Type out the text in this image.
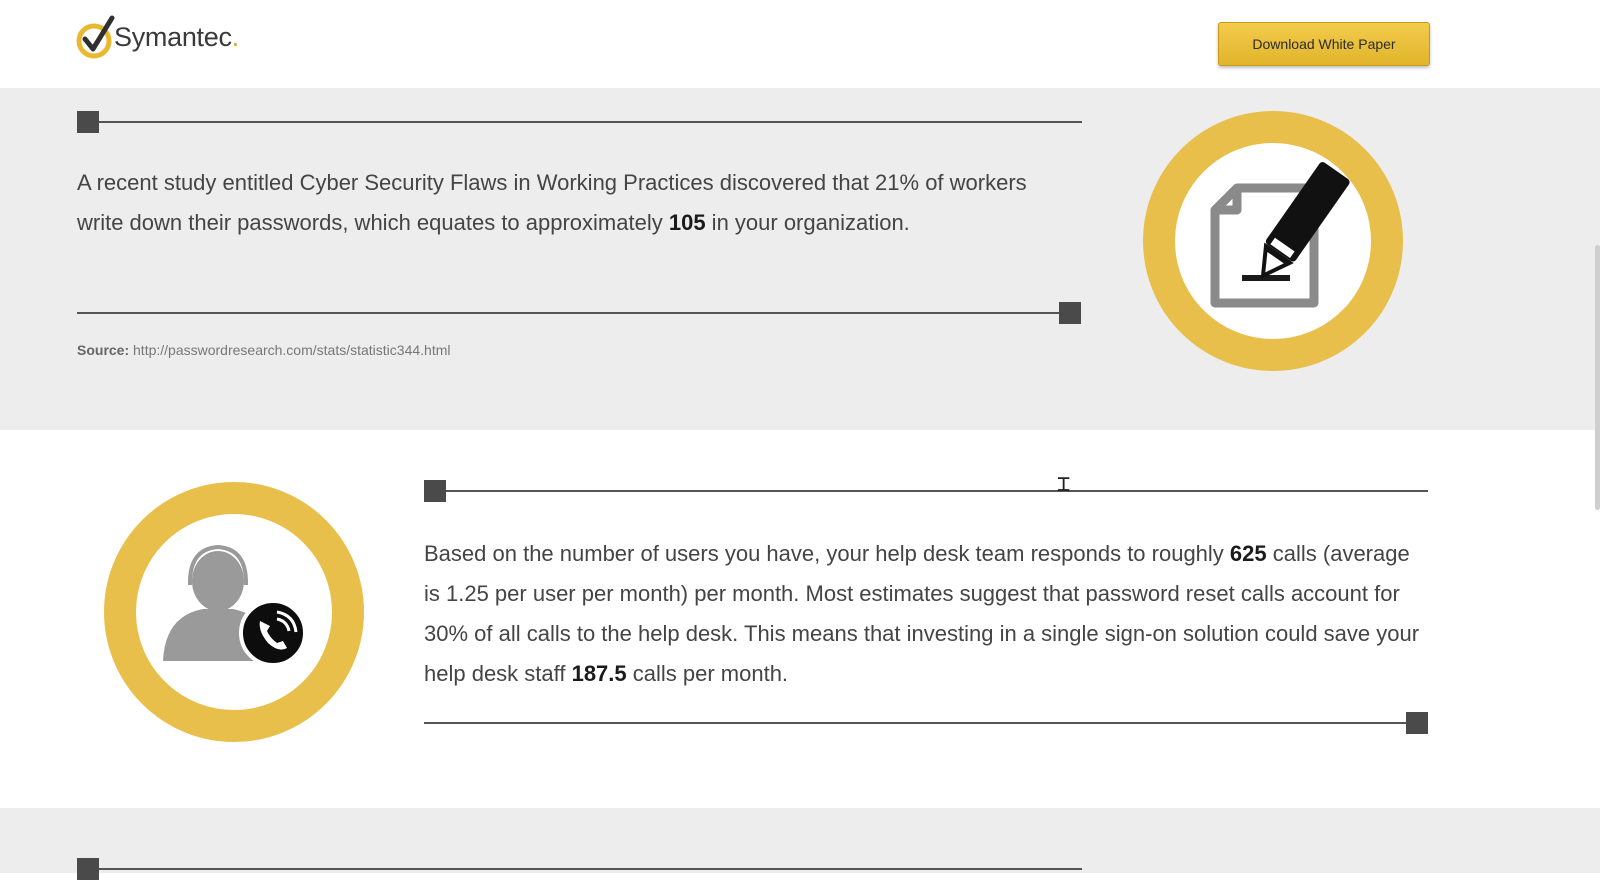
Symantec.	Download White Paper
A recent study entitled Cyber Security Flaws in Working Practices discovered that 21% of workers write down their passwords, which equates to approximately 105 in your organization.
Source: http://passwordresearch.com/stats/statistic344.html
Based on the number of users you have, your help desk team responds to roughly 625 calls (average is 1.25 per user per month) per month. Most estimates suggest that password reset calls account for 30% of all calls to the help desk. This means that investing in a single sign-on solution could save your help desk staff 187.5 calls per month.
⌶
